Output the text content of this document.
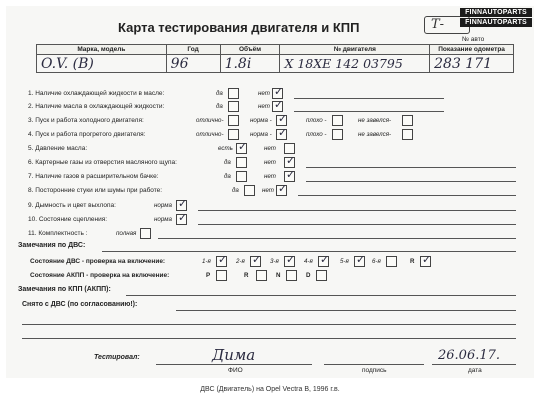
FINNAUTOPARTS
FINNAUTOPARTS
Карта тестирования двигателя и КПП	Т-
№ авто
Марка, модель	Год	Объём	№ двигателя	Показание одометра
O.V. (B)	96	1.8i	X 18XE 142 03795	283 171
1. Наличие охлаждающей жидкости в масле:	да	нет ✓
2. Наличие масла в охлаждающей жидкости:	да	нет ✓
3. Пуск и работа холодного двигателя:	отлично-	норма - ✓	плохо -	не завелся-
4. Пуск и работа прогретого двигателя:	отлично-	норма - ✓	плохо -	не завелся-
5. Давление масла:	есть ✓	нет
6. Картерные газы из отверстия масляного щупа:	да	нет ✓
7. Наличие газов в расширительном бачке:	да	нет ✓
8. Посторонние стуки или шумы при работе:	да	нет ✓
9. Дымность и цвет выхлопа:	норма ✓
10. Состояние сцепления:	норма ✓
11. Комплектность :	полная
Замечания по ДВС:
Состояние ДВС - проверка на включение:	1-я ✓ 2-я ✓ 3-я ✓ 4-я ✓ 5-я ✓ 6-я	R ✓
Состояние АКПП - проверка на включение:	P	R	N	D
Замечания по КПП (АКПП):
Снято с ДВС (по согласованию!):
Тестировал:	Дима
ФИО	подпись
26.06.17.
дата
ДВС (Двигатель) на Opel Vectra B, 1996 г.в.
